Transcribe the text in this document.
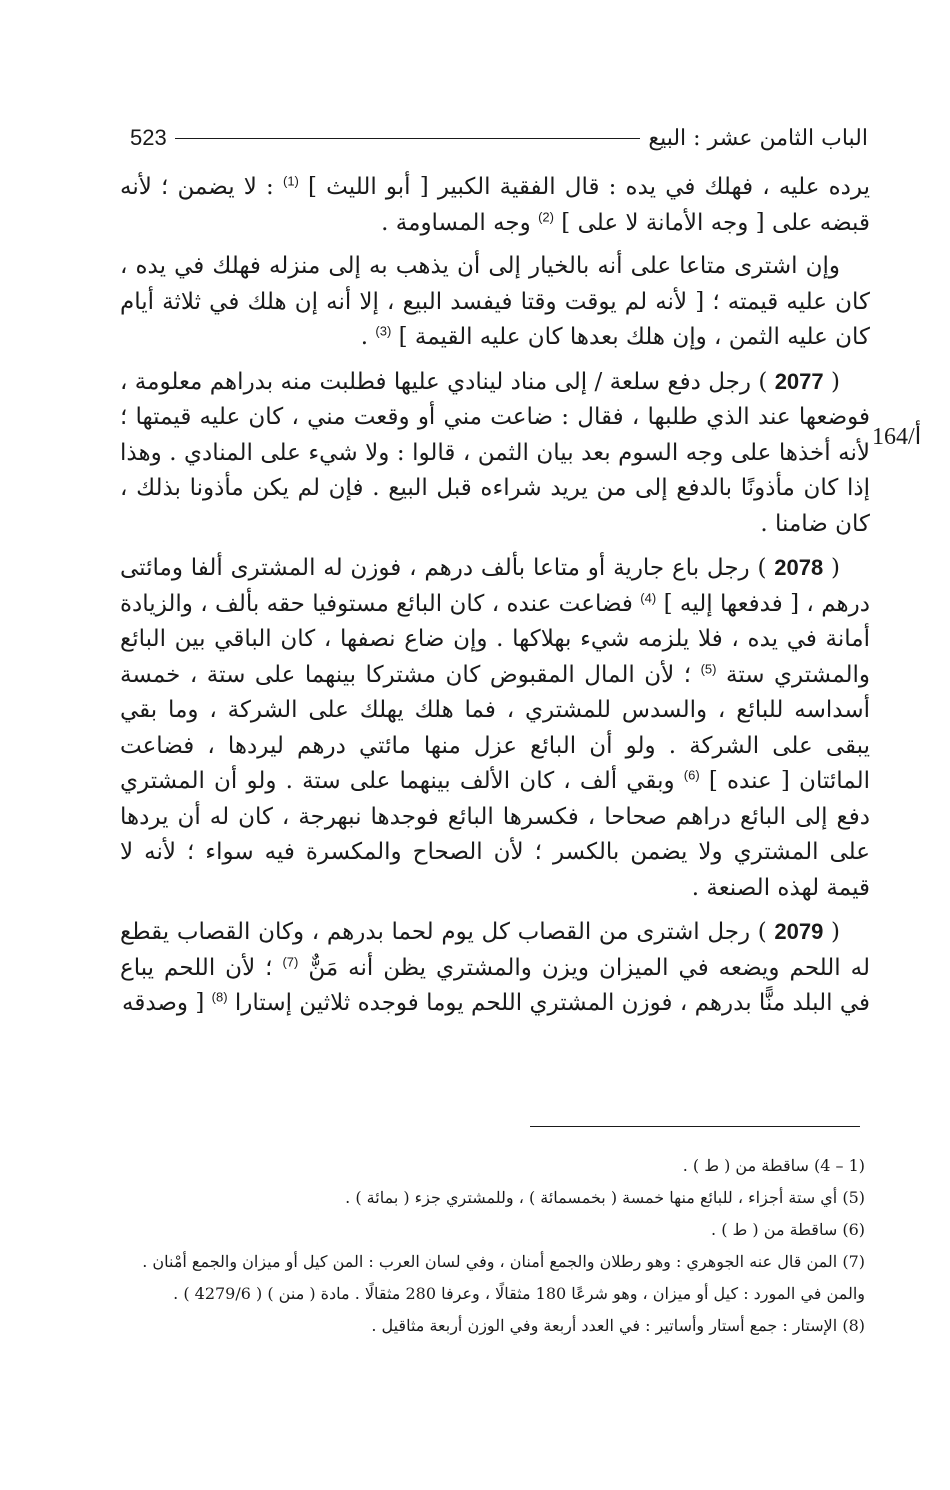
الباب الثامن عشر : البيع
523
164/أ

يرده عليه ، فهلك في يده : قال الفقية الكبير [ أبو الليث ] $^{(1)}$ : لا يضمن ؛ لأنه قبضه على [ وجه الأمانة لا على ] $^{(2)}$ وجه المساومة .

وإن اشترى متاعا على أنه بالخيار إلى أن يذهب به إلى منزله فهلك في يده ، كان عليه قيمته ؛ [ لأنه لم يوقت وقتا فيفسد البيع ، إلا أنه إن هلك في ثلاثة أيام كان عليه الثمن ، وإن هلك بعدها كان عليه القيمة ] $^{(3)}$ .

( 2077 ) رجل دفع سلعة / إلى مناد لينادي عليها فطلبت منه بدراهم معلومة ، فوضعها عند الذي طلبها ، فقال : ضاعت مني أو وقعت مني ، كان عليه قيمتها ؛ لأنه أخذها على وجه السوم بعد بيان الثمن ، قالوا : ولا شيء على المنادي . وهذا إذا كان مأذونًا بالدفع إلى من يريد شراءه قبل البيع . فإن لم يكن مأذونا بذلك ، كان ضامنا .

( 2078 ) رجل باع جارية أو متاعا بألف درهم ، فوزن له المشترى ألفا ومائتى درهم ، [ فدفعها إليه ] $^{(4)}$ فضاعت عنده ، كان البائع مستوفيا حقه بألف ، والزيادة أمانة في يده ، فلا يلزمه شيء بهلاكها . وإن ضاع نصفها ، كان الباقي بين البائع والمشتري ستة $^{(5)}$ ؛ لأن المال المقبوض كان مشتركا بينهما على ستة ، خمسة أسداسه للبائع ، والسدس للمشتري ، فما هلك يهلك على الشركة ، وما بقي يبقى على الشركة . ولو أن البائع عزل منها مائتي درهم ليردها ، فضاعت المائتان [ عنده ] $^{(6)}$ وبقي ألف ، كان الألف بينهما على ستة . ولو أن المشتري دفع إلى البائع دراهم صحاحا ، فكسرها البائع فوجدها نبهرجة ، كان له أن يردها على المشتري ولا يضمن بالكسر ؛ لأن الصحاح والمكسرة فيه سواء ؛ لأنه لا قيمة لهذه الصنعة .

( 2079 ) رجل اشترى من القصاب كل يوم لحما بدرهم ، وكان القصاب يقطع له اللحم ويضعه في الميزان ويزن والمشتري يظن أنه مَنٌّ $^{(7)}$ ؛ لأن اللحم يباع في البلد منًّا بدرهم ، فوزن المشتري اللحم يوما فوجده ثلاثين إستارا $^{(8)}$ [ وصدقه

(1 – 4) ساقطة من ( ط ) .

(5) أي ستة أجزاء ، للبائع منها خمسة ( بخمسمائة ) ، وللمشتري جزء ( بمائة ) .

(6) ساقطة من ( ط ) .

(7) المن قال عنه الجوهري : وهو رطلان والجمع أمنان ، وفي لسان العرب : المن كيل أو ميزان والجمع أمْنان .

والمن في المورد : كيل أو ميزان ، وهو شرعًا 180 مثقالًا ، وعرفا 280 مثقالًا . مادة ( منن ) ( 4279/6 ) .

(8) الإستار : جمع أستار وأساتير : في العدد أربعة وفي الوزن أربعة مثاقيل .
